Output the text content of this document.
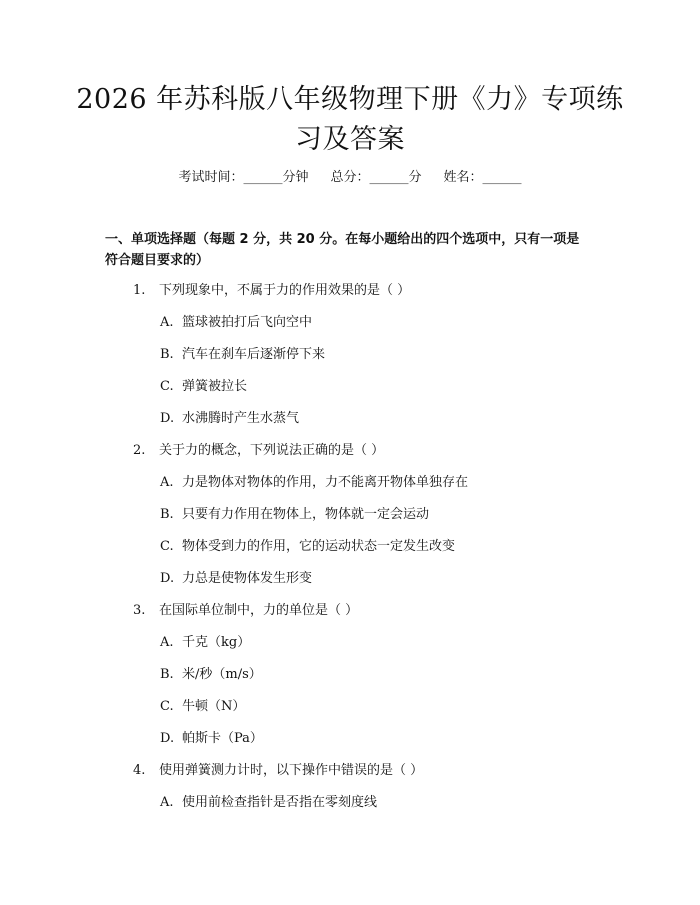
2026 年苏科版八年级物理下册《力》专项练
习及答案
考试时间：______分钟 总分：______分 姓名：______
一、单项选择题（每题 2 分，共 20 分。在每小题给出的四个选项中，只有一项是
符合题目要求的）
1. 下列现象中，不属于力的作用效果的是（ ）
A. 篮球被拍打后飞向空中
B. 汽车在刹车后逐渐停下来
C. 弹簧被拉长
D. 水沸腾时产生水蒸气
2. 关于力的概念，下列说法正确的是（ ）
A. 力是物体对物体的作用，力不能离开物体单独存在
B. 只要有力作用在物体上，物体就一定会运动
C. 物体受到力的作用，它的运动状态一定发生改变
D. 力总是使物体发生形变
3. 在国际单位制中，力的单位是（ ）
A. 千克（kg）
B. 米/秒（m/s）
C. 牛顿（N）
D. 帕斯卡（Pa）
4. 使用弹簧测力计时，以下操作中错误的是（ ）
A. 使用前检查指针是否指在零刻度线
